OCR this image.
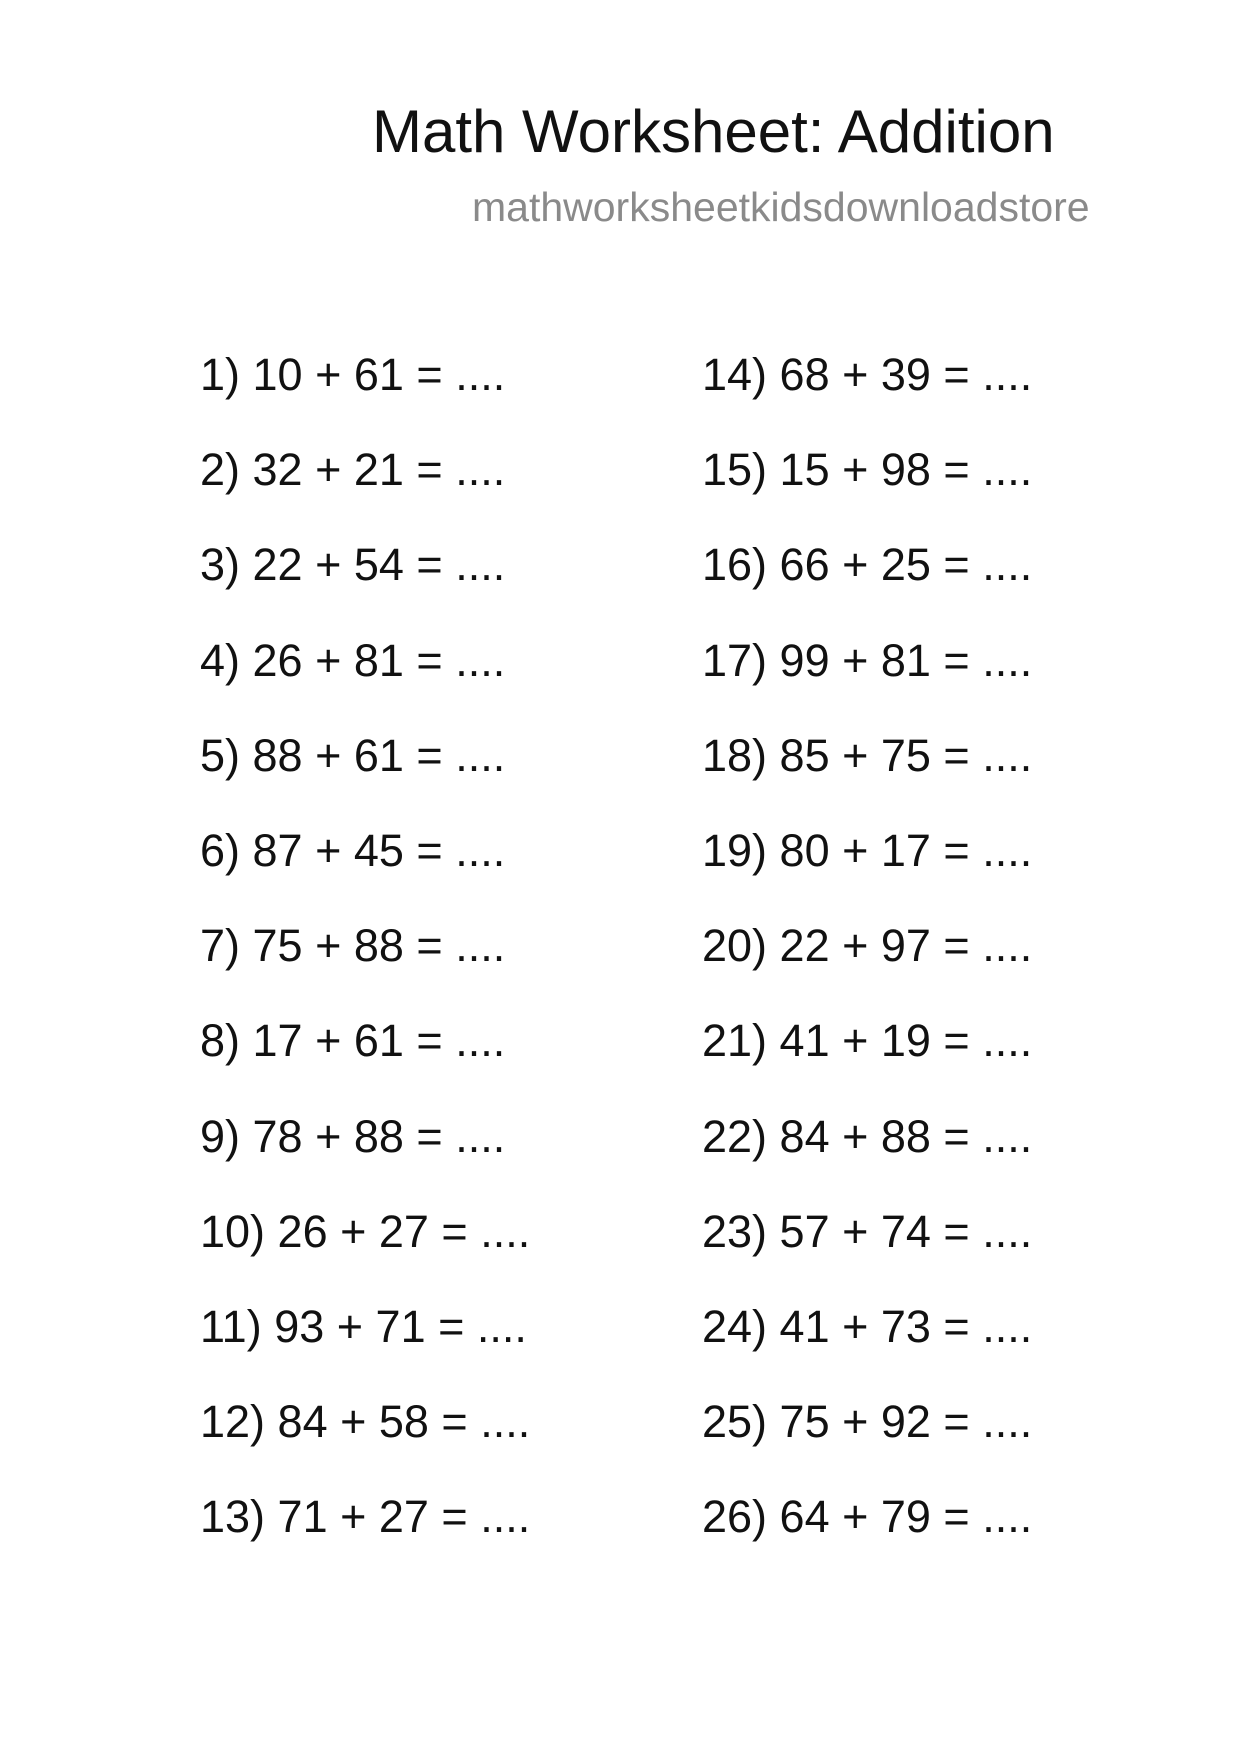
Math Worksheet: Addition
mathworksheetkidsdownloadstore
1) 10 + 61 = ....
2) 32 + 21 = ....
3) 22 + 54 = ....
4) 26 + 81 = ....
5) 88 + 61 = ....
6) 87 + 45 = ....
7) 75 + 88 = ....
8) 17 + 61 = ....
9) 78 + 88 = ....
10) 26 + 27 = ....
11) 93 + 71 = ....
12) 84 + 58 = ....
13) 71 + 27 = ....
14) 68 + 39 = ....
15) 15 + 98 = ....
16) 66 + 25 = ....
17) 99 + 81 = ....
18) 85 + 75 = ....
19) 80 + 17 = ....
20) 22 + 97 = ....
21) 41 + 19 = ....
22) 84 + 88 = ....
23) 57 + 74 = ....
24) 41 + 73 = ....
25) 75 + 92 = ....
26) 64 + 79 = ....
